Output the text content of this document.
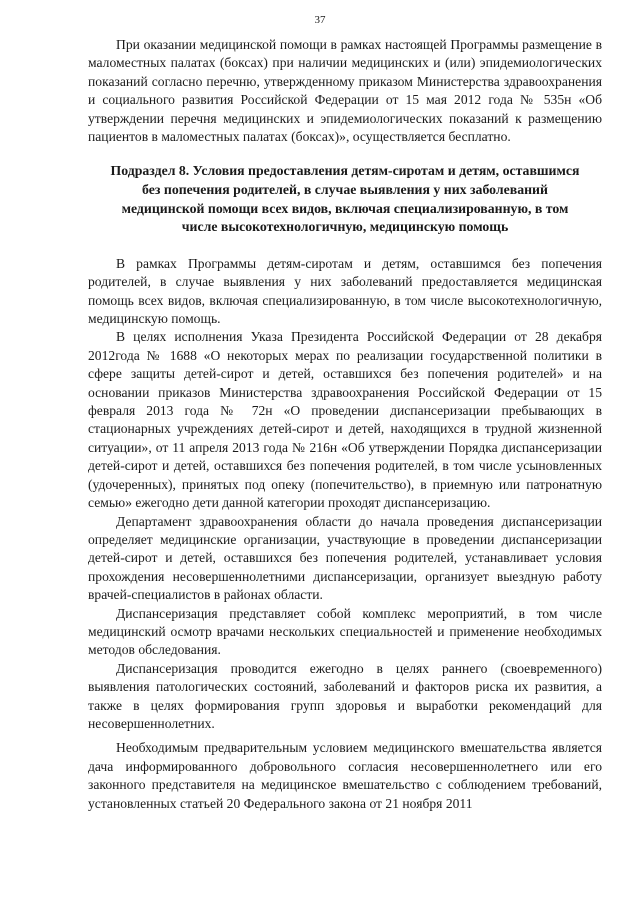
37

При оказании медицинской помощи в рамках настоящей Программы размещение в маломестных палатах (боксах) при наличии медицинских и (или) эпидемиологических показаний согласно перечню, утвержденному приказом Министерства здравоохранения и социального развития Российской Федерации от 15 мая 2012 года № 535н «Об утверждении перечня медицинских и эпидемиологических показаний к размещению пациентов в маломестных палатах (боксах)», осуществляется бесплатно.

Подраздел 8. Условия предоставления детям-сиротам и детям, оставшимся без попечения родителей, в случае выявления у них заболеваний медицинской помощи всех видов, включая специализированную, в том числе высокотехнологичную, медицинскую помощь

В рамках Программы детям-сиротам и детям, оставшимся без попечения родителей, в случае выявления у них заболеваний предоставляется медицинская помощь всех видов, включая специализированную, в том числе высокотехнологичную, медицинскую помощь.

В целях исполнения Указа Президента Российской Федерации от 28 декабря 2012года № 1688 «О некоторых мерах по реализации государственной политики в сфере защиты детей-сирот и детей, оставшихся без попечения родителей» и на основании приказов Министерства здравоохранения Российской Федерации от 15 февраля 2013 года № 72н «О проведении диспансеризации пребывающих в стационарных учреждениях детей-сирот и детей, находящихся в трудной жизненной ситуации», от 11 апреля 2013 года № 216н «Об утверждении Порядка диспансеризации детей-сирот и детей, оставшихся без попечения родителей, в том числе усыновленных (удочеренных), принятых под опеку (попечительство), в приемную или патронатную семью» ежегодно дети данной категории проходят диспансеризацию.

Департамент здравоохранения области до начала проведения диспансеризации определяет медицинские организации, участвующие в проведении диспансеризации детей-сирот и детей, оставшихся без попечения родителей, устанавливает условия прохождения несовершеннолетними диспансеризации, организует выездную работу врачей-специалистов в районах области.

Диспансеризация представляет собой комплекс мероприятий, в том числе медицинский осмотр врачами нескольких специальностей и применение необходимых методов обследования.

Диспансеризация проводится ежегодно в целях раннего (своевременного) выявления патологических состояний, заболеваний и факторов риска их развития, а также в целях формирования групп здоровья и выработки рекомендаций для несовершеннолетних.

Необходимым предварительным условием медицинского вмешательства является дача информированного добровольного согласия несовершеннолетнего или его законного представителя на медицинское вмешательство с соблюдением требований, установленных статьей 20 Федерального закона от 21 ноября 2011
